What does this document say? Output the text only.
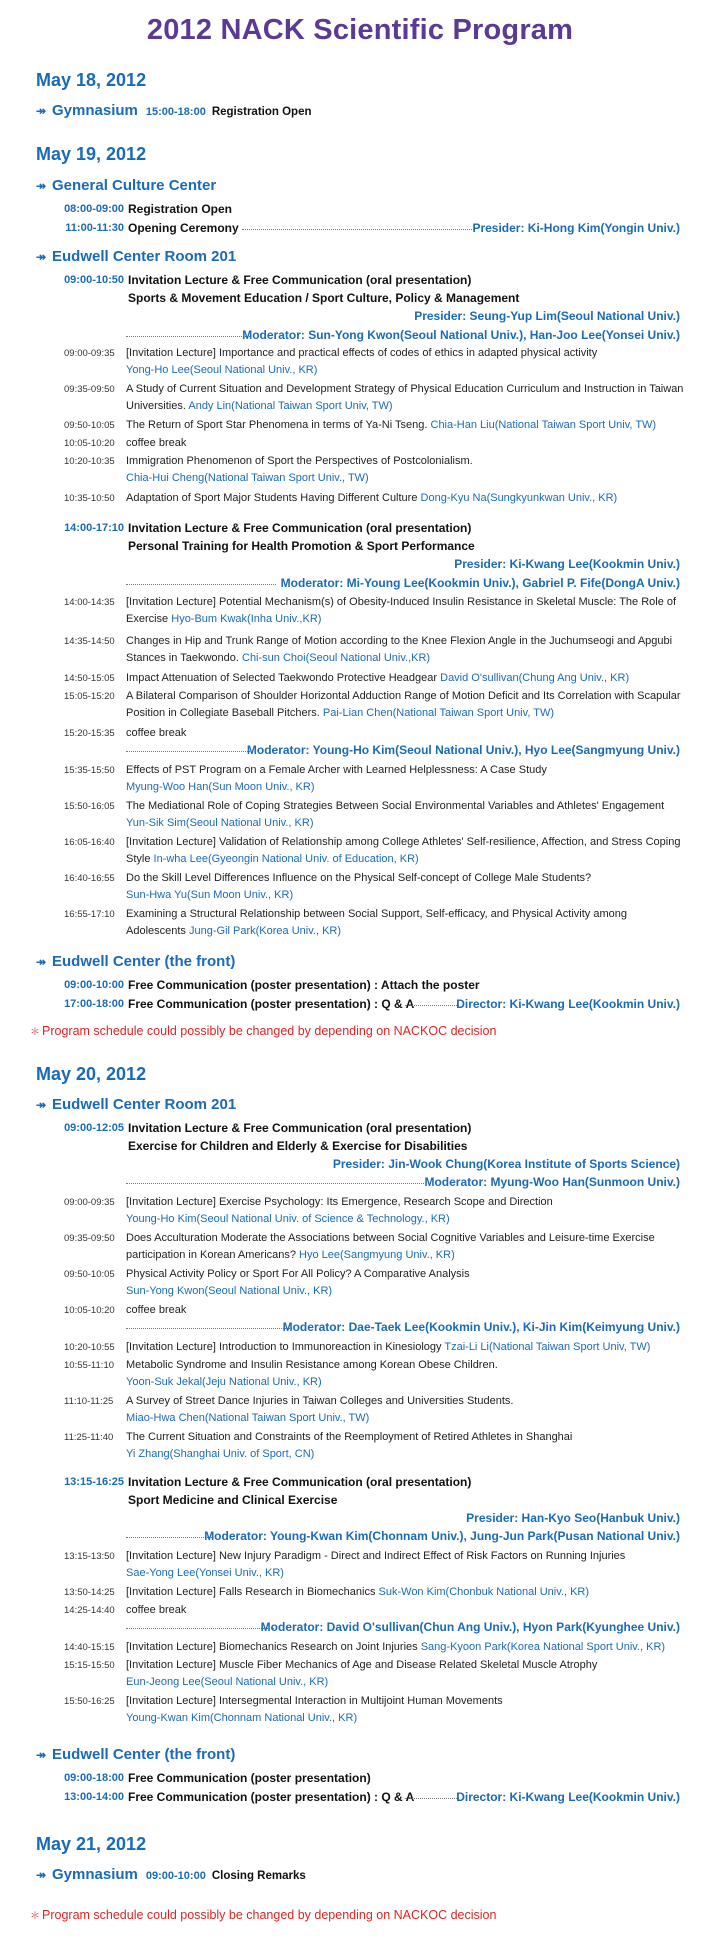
2012 NACK Scientific Program
May 18, 2012
↠ Gymnasium 15:00-18:00 Registration Open
May 19, 2012
↠ General Culture Center
08:00-09:00 Registration Open
11:00-11:30 Opening Ceremony	Presider: Ki-Hong Kim(Yongin Univ.)
↠ Eudwell Center Room 201
09:00-10:50 Invitation Lecture & Free Communication (oral presentation)
Sports & Movement Education / Sport Culture, Policy & Management
Presider: Seung-Yup Lim(Seoul National Univ.)
Moderator: Sun-Yong Kwon(Seoul National Univ.), Han-Joo Lee(Yonsei Univ.)
09:00-09:35	[Invitation Lecture] Importance and practical effects of codes of ethics in adapted physical activity
Yong-Ho Lee(Seoul National Univ., KR)
09:35-09:50	A Study of Current Situation and Development Strategy of Physical Education Curriculum and Instruction in Taiwan Universities. Andy Lin(National Taiwan Sport Univ, TW)
09:50-10:05	The Return of Sport Star Phenomena in terms of Ya-Ni Tseng. Chia-Han Liu(National Taiwan Sport Univ, TW)
10:05-10:20	coffee break
10:20-10:35	Immigration Phenomenon of Sport the Perspectives of Postcolonialism.
Chia-Hui Cheng(National Taiwan Sport Univ., TW)
10:35-10:50	Adaptation of Sport Major Students Having Different Culture Dong-Kyu Na(Sungkyunkwan Univ., KR)
14:00-17:10 Invitation Lecture & Free Communication (oral presentation)
Personal Training for Health Promotion & Sport Performance
Presider: Ki-Kwang Lee(Kookmin Univ.)
Moderator: Mi-Young Lee(Kookmin Univ.), Gabriel P. Fife(DongA Univ.)
14:00-14:35	[Invitation Lecture] Potential Mechanism(s) of Obesity-Induced Insulin Resistance in Skeletal Muscle: The Role of Exercise Hyo-Bum Kwak(Inha Univ.,KR)
14:35-14:50	Changes in Hip and Trunk Range of Motion according to the Knee Flexion Angle in the Juchumseogi and Apgubi Stances in Taekwondo. Chi-sun Choi(Seoul National Univ.,KR)
14:50-15:05	Impact Attenuation of Selected Taekwondo Protective Headgear David O'sullivan(Chung Ang Univ., KR)
15:05-15:20	A Bilateral Comparison of Shoulder Horizontal Adduction Range of Motion Deficit and Its Correlation with Scapular Position in Collegiate Baseball Pitchers. Pai-Lian Chen(National Taiwan Sport Univ, TW)
15:20-15:35	coffee break
Moderator: Young-Ho Kim(Seoul National Univ.), Hyo Lee(Sangmyung Univ.)
15:35-15:50	Effects of PST Program on a Female Archer with Learned Helplessness: A Case Study
Myung-Woo Han(Sun Moon Univ., KR)
15:50-16:05	The Mediational Role of Coping Strategies Between Social Environmental Variables and Athletes' Engagement
Yun-Sik Sim(Seoul National Univ., KR)
16:05-16:40	[Invitation Lecture] Validation of Relationship among College Athletes' Self-resilience, Affection, and Stress Coping Style In-wha Lee(Gyeongin National Univ. of Education, KR)
16:40-16:55	Do the Skill Level Differences Influence on the Physical Self-concept of College Male Students?
Sun-Hwa Yu(Sun Moon Univ., KR)
16:55-17:10	Examining a Structural Relationship between Social Support, Self-efficacy, and Physical Activity among Adolescents Jung-Gil Park(Korea Univ., KR)
↠ Eudwell Center (the front)
09:00-10:00 Free Communication (poster presentation) : Attach the poster
17:00-18:00 Free Communication (poster presentation) : Q & A	Director: Ki-Kwang Lee(Kookmin Univ.)
＊ Program schedule could possibly be changed by depending on NACKOC decision
May 20, 2012
↠ Eudwell Center Room 201
09:00-12:05 Invitation Lecture & Free Communication (oral presentation)
Exercise for Children and Elderly & Exercise for Disabilities
Presider: Jin-Wook Chung(Korea Institute of Sports Science)
Moderator: Myung-Woo Han(Sunmoon Univ.)
09:00-09:35	[Invitation Lecture] Exercise Psychology: Its Emergence, Research Scope and Direction
Young-Ho Kim(Seoul National Univ. of Science & Technology., KR)
09:35-09:50	Does Acculturation Moderate the Associations between Social Cognitive Variables and Leisure-time Exercise participation in Korean Americans? Hyo Lee(Sangmyung Univ., KR)
09:50-10:05	Physical Activity Policy or Sport For All Policy? A Comparative Analysis
Sun-Yong Kwon(Seoul National Univ., KR)
10:05-10:20	coffee break
Moderator: Dae-Taek Lee(Kookmin Univ.), Ki-Jin Kim(Keimyung Univ.)
10:20-10:55	[Invitation Lecture] Introduction to Immunoreaction in Kinesiology Tzai-Li Li(National Taiwan Sport Univ, TW)
10:55-11:10	Metabolic Syndrome and Insulin Resistance among Korean Obese Children.
Yoon-Suk Jekal(Jeju National Univ., KR)
11:10-11:25	A Survey of Street Dance Injuries in Taiwan Colleges and Universities Students.
Miao-Hwa Chen(National Taiwan Sport Univ., TW)
11:25-11:40	The Current Situation and Constraints of the Reemployment of Retired Athletes in Shanghai
Yi Zhang(Shanghai Univ. of Sport, CN)
13:15-16:25 Invitation Lecture & Free Communication (oral presentation)
Sport Medicine and Clinical Exercise
Presider: Han-Kyo Seo(Hanbuk Univ.)
Moderator: Young-Kwan Kim(Chonnam Univ.), Jung-Jun Park(Pusan National Univ.)
13:15-13:50	[Invitation Lecture] New Injury Paradigm - Direct and Indirect Effect of Risk Factors on Running Injuries
Sae-Yong Lee(Yonsei Univ., KR)
13:50-14:25	[Invitation Lecture] Falls Research in Biomechanics Suk-Won Kim(Chonbuk National Univ., KR)
14:25-14:40	coffee break
Moderator: David O'sullivan(Chun Ang Univ.), Hyon Park(Kyunghee Univ.)
14:40-15:15	[Invitation Lecture] Biomechanics Research on Joint Injuries Sang-Kyoon Park(Korea National Sport Univ., KR)
15:15-15:50	[Invitation Lecture] Muscle Fiber Mechanics of Age and Disease Related Skeletal Muscle Atrophy
Eun-Jeong Lee(Seoul National Univ., KR)
15:50-16:25	[Invitation Lecture] Intersegmental Interaction in Multijoint Human Movements
Young-Kwan Kim(Chonnam National Univ., KR)
↠ Eudwell Center (the front)
09:00-18:00 Free Communication (poster presentation)
13:00-14:00 Free Communication (poster presentation) : Q & A	Director: Ki-Kwang Lee(Kookmin Univ.)
May 21, 2012
↠ Gymnasium 09:00-10:00 Closing Remarks
＊ Program schedule could possibly be changed by depending on NACKOC decision
